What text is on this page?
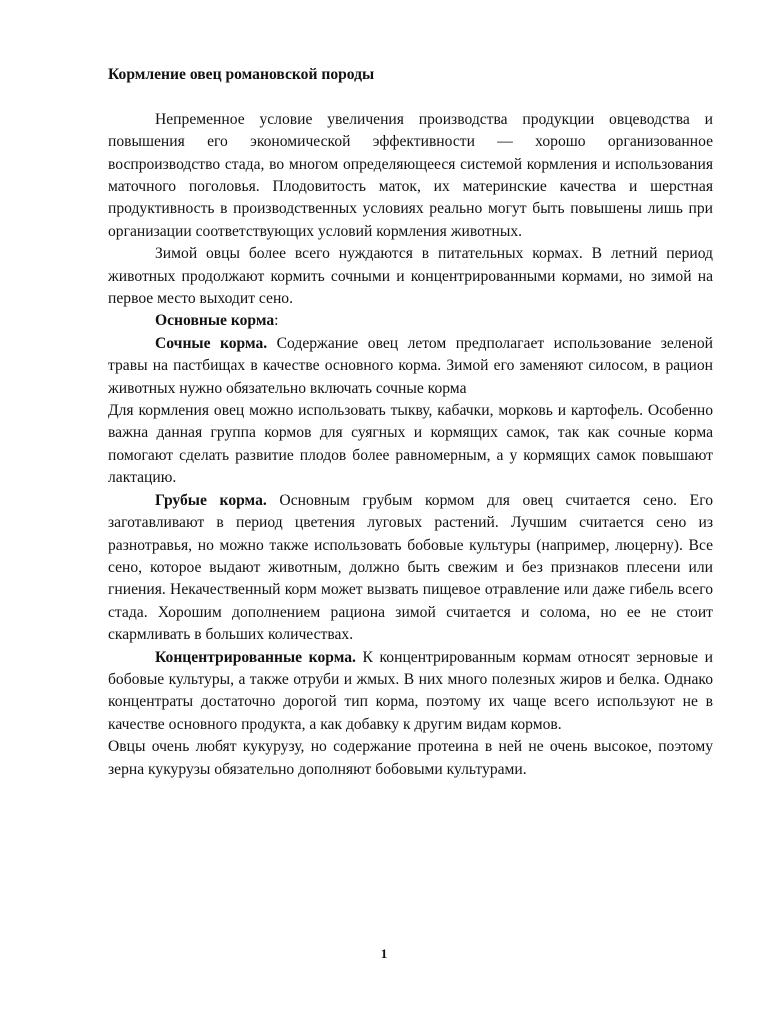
Кормление овец романовской породы

Непременное условие увеличения производства продукции овцеводства и повышения его экономической эффективности — хорошо организованное воспроизводство стада, во многом определяющееся системой кормления и использования маточного поголовья. Плодовитость маток, их материнские качества и шерстная продуктивность в производственных условиях реально могут быть повышены лишь при организации соответствующих условий кормления животных.

Зимой овцы более всего нуждаются в питательных кормах. В летний период животных продолжают кормить сочными и концентрированными кормами, но зимой на первое место выходит сено.

Основные корма:

Сочные корма. Содержание овец летом предполагает использование зеленой травы на пастбищах в качестве основного корма. Зимой его заменяют силосом, в рацион животных нужно обязательно включать сочные корма

Для кормления овец можно использовать тыкву, кабачки, морковь и картофель. Особенно важна данная группа кормов для суягных и кормящих самок, так как сочные корма помогают сделать развитие плодов более равномерным, а у кормящих самок повышают лактацию.

Грубые корма. Основным грубым кормом для овец считается сено. Его заготавливают в период цветения луговых растений. Лучшим считается сено из разнотравья, но можно также использовать бобовые культуры (например, люцерну). Все сено, которое выдают животным, должно быть свежим и без признаков плесени или гниения. Некачественный корм может вызвать пищевое отравление или даже гибель всего стада. Хорошим дополнением рациона зимой считается и солома, но ее не стоит скармливать в больших количествах.

Концентрированные корма. К концентрированным кормам относят зерновые и бобовые культуры, а также отруби и жмых. В них много полезных жиров и белка. Однако концентраты достаточно дорогой тип корма, поэтому их чаще всего используют не в качестве основного продукта, а как добавку к другим видам кормов.

Овцы очень любят кукурузу, но содержание протеина в ней не очень высокое, поэтому зерна кукурузы обязательно дополняют бобовыми культурами.

1
